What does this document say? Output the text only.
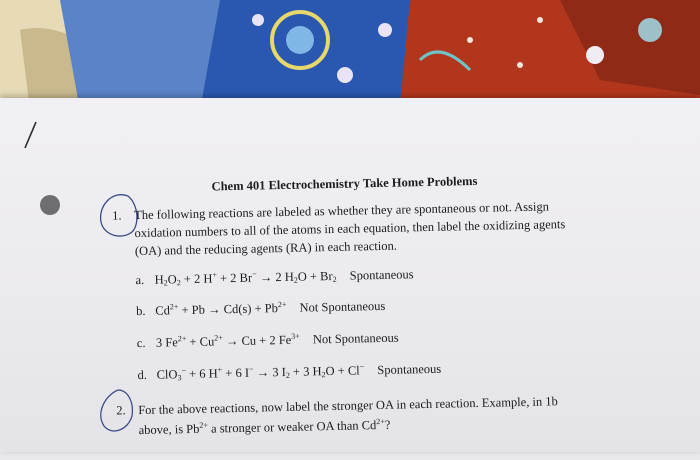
Chem 401 Electrochemistry Take Home Problems
1. The following reactions are labeled as whether they are spontaneous or not. Assign
oxidation numbers to all of the atoms in each equation, then label the oxidizing agents
(OA) and the reducing agents (RA) in each reaction.
a. $H_2O_2 + 2$ H+ + 2 Br− → 2 $H_2O + Br_2$ Spontaneous
b. $Cd^{2+} + Pb \to Cd(s) + Pb^{2+}$ Not Spontaneous
c. 3 $Fe^{2+} + Cu^{2+} \to Cu + 2$ $Fe^{3+}$ Not Spontaneous
d. ClO$_3$− + 6 H+ + 6 I− → 3 $I_2 + 3$ $H_2O + Cl^-$ Spontaneous
2. For the above reactions, now label the stronger OA in each reaction. Example, in 1b
above, is $Pb^{2+}$ a stronger or weaker OA than $Cd^{2+}$?
